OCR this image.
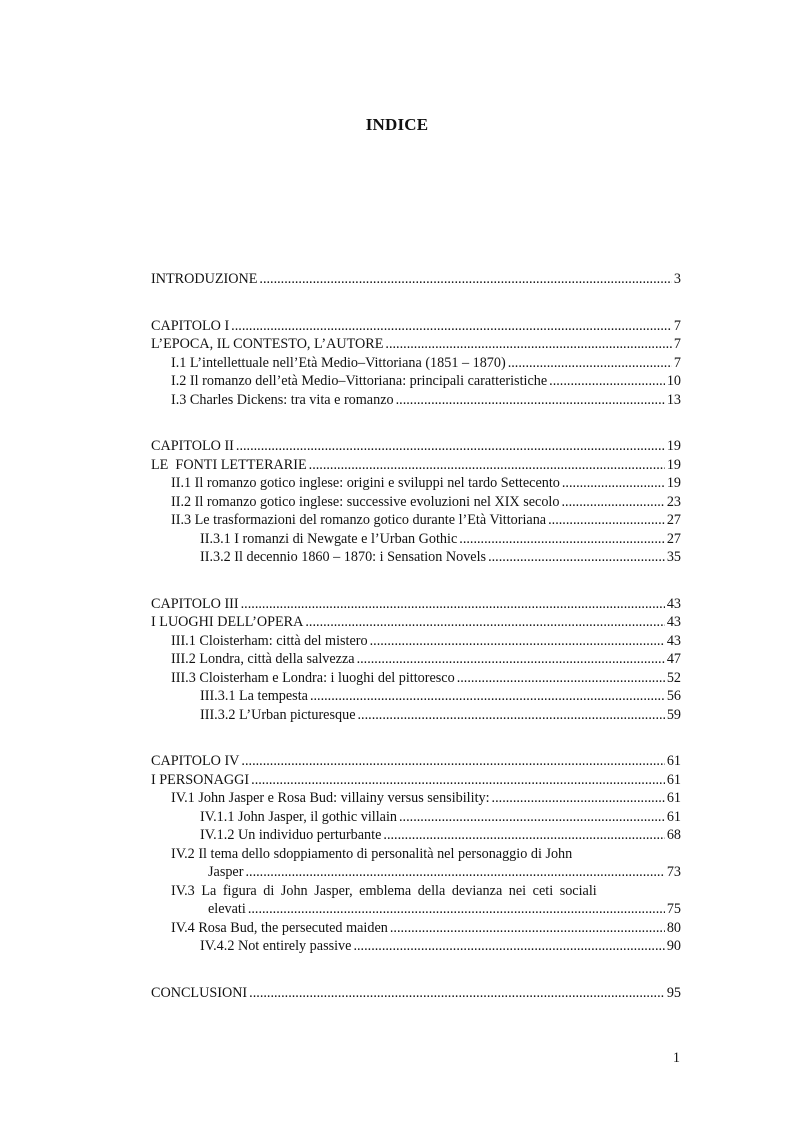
INDICE
INTRODUZIONE .....	3
CAPITOLO I .....	7
L’EPOCA, IL CONTESTO, L’AUTORE .....	7
I.1 L’intellettuale nell’Età Medio–Vittoriana (1851 – 1870) .....	7
I.2 Il romanzo dell’età Medio–Vittoriana: principali caratteristiche .....	10
I.3 Charles Dickens: tra vita e romanzo .....	13
CAPITOLO II .....	19
LE  FONTI LETTERARIE .....	19
II.1 Il romanzo gotico inglese: origini e sviluppi nel tardo Settecento .....	19
II.2 Il romanzo gotico inglese: successive evoluzioni nel XIX secolo .....	23
II.3 Le trasformazioni del romanzo gotico durante l’Età Vittoriana .....	27
II.3.1 I romanzi di Newgate e l’Urban Gothic .....	27
II.3.2 Il decennio 1860 – 1870: i Sensation Novels .....	35
CAPITOLO III .....	43
I LUOGHI DELL’OPERA .....	43
III.1 Cloisterham: città del mistero .....	43
III.2 Londra, città della salvezza .....	47
III.3 Cloisterham e Londra: i luoghi del pittoresco .....	52
III.3.1 La tempesta .....	56
III.3.2 L’Urban picturesque .....	59
CAPITOLO IV .....	61
I PERSONAGGI .....	61
IV.1 John Jasper e Rosa Bud: villainy versus sensibility: .....	61
IV.1.1 John Jasper, il gothic villain .....	61
IV.1.2 Un individuo perturbante .....	68
IV.2 Il tema dello sdoppiamento di personalità nel personaggio di John
Jasper .....	73
IV.3 La figura di John Jasper, emblema della devianza nei ceti sociali
elevati .....	75
IV.4 Rosa Bud, the persecuted maiden .....	80
IV.4.2 Not entirely passive .....	90
CONCLUSIONI .....	95
1
